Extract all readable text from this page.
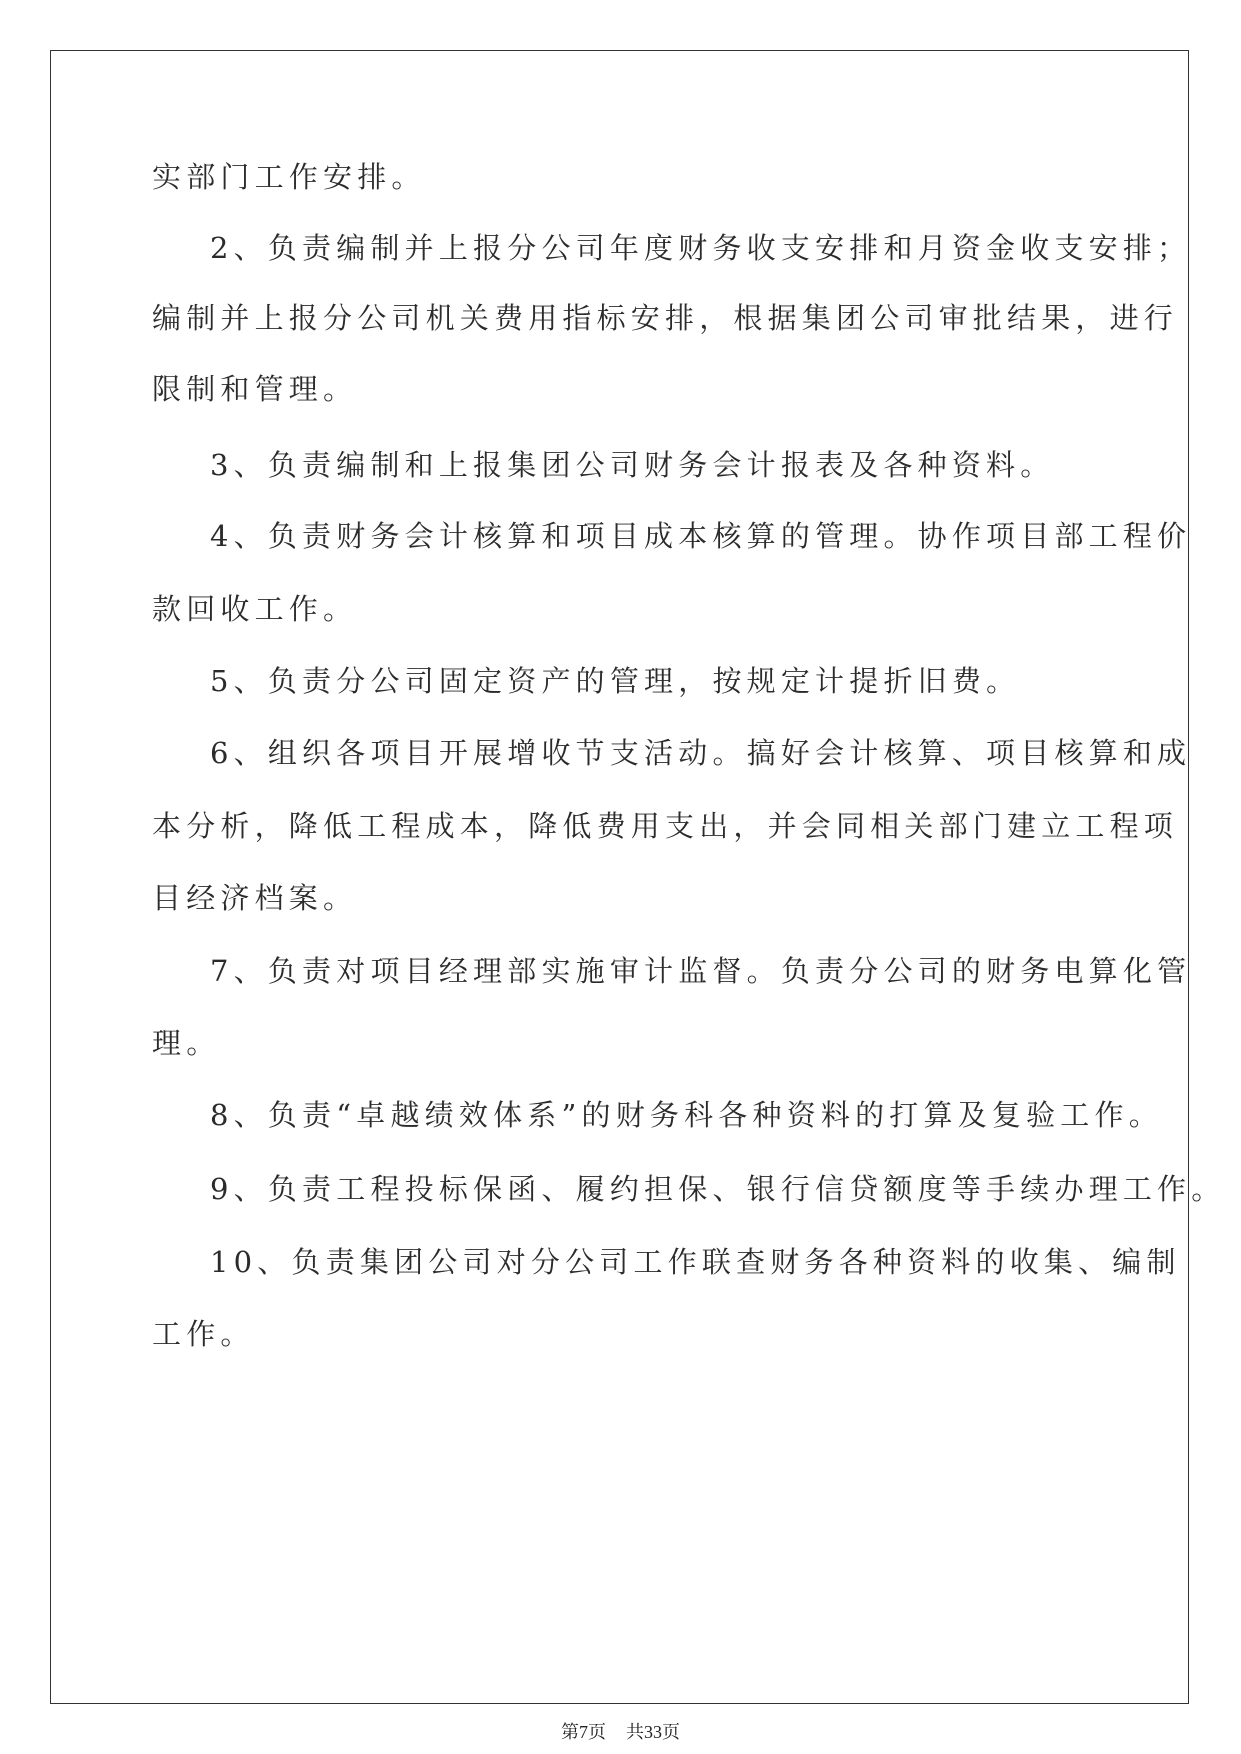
实部门工作安排。

2、负责编制并上报分公司年度财务收支安排和月资金收支安排；

编制并上报分公司机关费用指标安排，根据集团公司审批结果，进行

限制和管理。

3、负责编制和上报集团公司财务会计报表及各种资料。

4、负责财务会计核算和项目成本核算的管理。协作项目部工程价

款回收工作。

5、负责分公司固定资产的管理，按规定计提折旧费。

6、组织各项目开展增收节支活动。搞好会计核算、项目核算和成

本分析，降低工程成本，降低费用支出，并会同相关部门建立工程项

目经济档案。

7、负责对项目经理部实施审计监督。负责分公司的财务电算化管

理。

8、负责“卓越绩效体系”的财务科各种资料的打算及复验工作。

9、负责工程投标保函、履约担保、银行信贷额度等手续办理工作。

10、负责集团公司对分公司工作联查财务各种资料的收集、编制

工作。

第7页 共33页
